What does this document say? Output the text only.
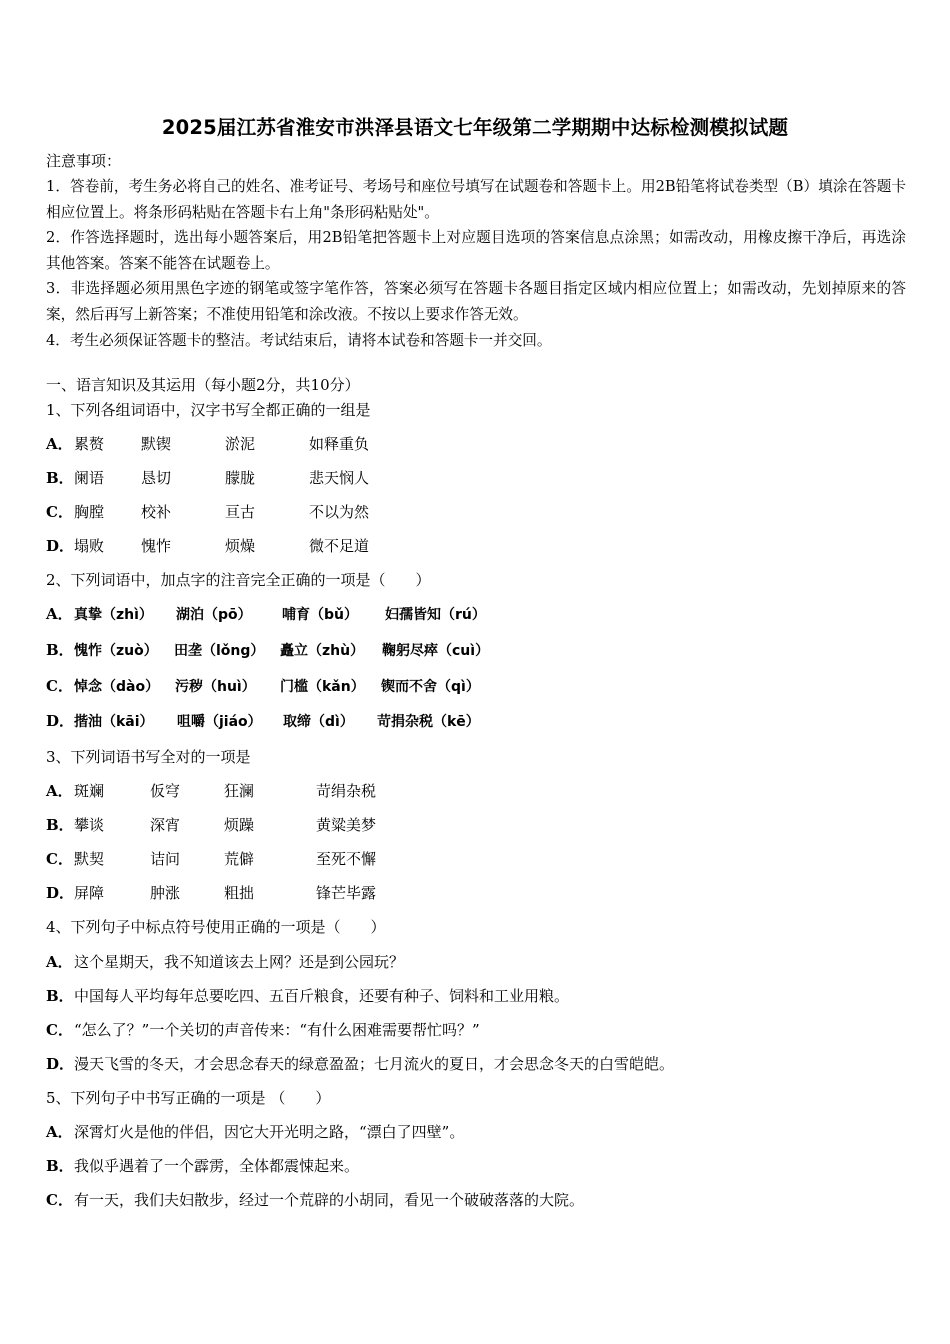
2025届江苏省淮安市洪泽县语文七年级第二学期期中达标检测模拟试题
注意事项：

1．答卷前，考生务必将自己的姓名、准考证号、考场号和座位号填写在试题卷和答题卡上。用2B铅笔将试卷类型（B）填涂在答题卡相应位置上。将条形码粘贴在答题卡右上角"条形码粘贴处"。

2．作答选择题时，选出每小题答案后，用2B铅笔把答题卡上对应题目选项的答案信息点涂黑；如需改动，用橡皮擦干净后，再选涂其他答案。答案不能答在试题卷上。

3．非选择题必须用黑色字迹的钢笔或签字笔作答，答案必须写在答题卡各题目指定区域内相应位置上；如需改动，先划掉原来的答案，然后再写上新答案；不准使用铅笔和涂改液。不按以上要求作答无效。

4．考生必须保证答题卡的整洁。考试结束后，请将本试卷和答题卡一并交回。

一、语言知识及其运用（每小题2分，共10分）
1、下列各组词语中，汉字书写全都正确的一组是
A．累赘 默锲	淤泥	如释重负
B．阑语 恳切	朦胧	悲天悯人
C．胸膛 校补	亘古	不以为然
D．塌败 愧怍	烦燥	微不足道
2、下列词语中，加点字的注音完全正确的一项是（　　）
A．真挚（zhì） 湖泊（pō） 哺育（bǔ） 妇孺皆知（rú）
B．愧怍（zuò） 田垄（lǒng） 矗立（zhù） 鞠躬尽瘁（cuì）
C．悼念（dào） 污秽（huì） 门槛（kǎn） 锲而不舍（qì）
D．揩油（kāi） 咀嚼（jiáo） 取缔（dì） 苛捐杂税（kē）
3、下列词语书写全对的一项是
A．斑斓	仮穹	狂澜	苛绢杂税
B．攀谈	深宵	烦躁	黄粱美梦
C．默契	诘问	荒僻	至死不懈
D．屏障	肿涨	粗拙	锋芒毕露
4、下列句子中标点符号使用正确的一项是（　　）
A．这个星期天，我不知道该去上网？还是到公园玩？
B．中国每人平均每年总要吃四、五百斤粮食，还要有种子、饲料和工业用粮。
C．“怎么了？”一个关切的声音传来：“有什么困难需要帮忙吗？”
D．漫天飞雪的冬天，才会思念春天的绿意盈盈；七月流火的夏日，才会思念冬天的白雪皑皑。
5、下列句子中书写正确的一项是 （　　）
A．深霄灯火是他的伴侣，因它大开光明之路，“漂白了四壁”。
B．我似乎遇着了一个霹雳，全体都震悚起来。
C．有一天，我们夫妇散步，经过一个荒辟的小胡同，看见一个破破落落的大院。
